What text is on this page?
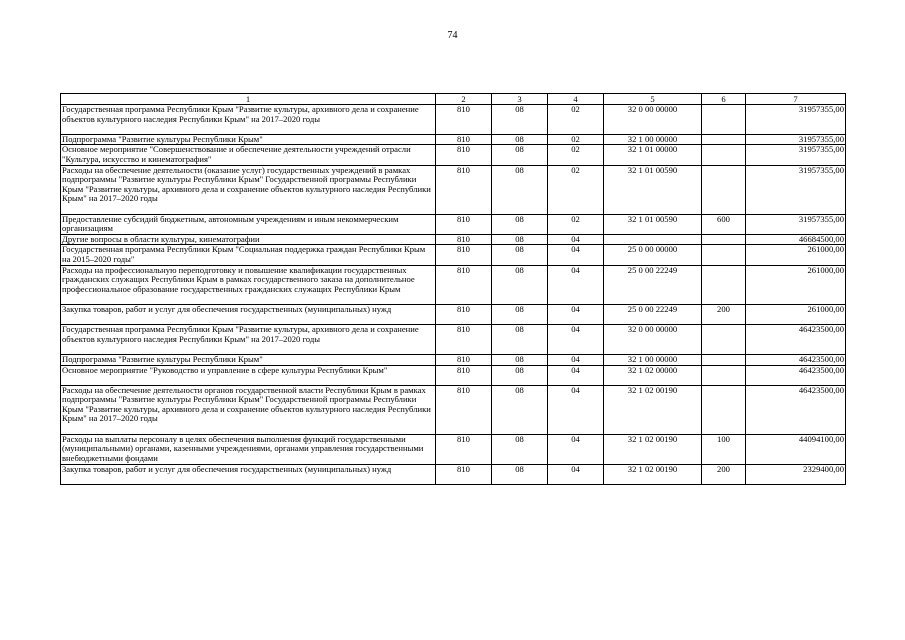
74
1	2	3	4	5	6	7
Государственная программа Республики Крым "Развитие культуры, архивного дела и сохранение объектов культурного наследия Республики Крым" на 2017–2020 годы	810	08	02	32 0 00 00000		31957355,00
Подпрограмма "Развитие культуры Республики Крым"	810	08	02	32 1 00 00000		31957355,00
Основное мероприятие "Совершенствование и обеспечение деятельности учреждений отрасли "Культура, искусство и кинематография"	810	08	02	32 1 01 00000		31957355,00
Расходы на обеспечение деятельности (оказание услуг) государственных учреждений в рамках подпрограммы "Развитие культуры Республики Крым" Государственной программы Республики Крым "Развитие культуры, архивного дела и сохранение объектов культурного наследия Республики Крым" на 2017–2020 годы	810	08	02	32 1 01 00590		31957355,00
Предоставление субсидий бюджетным, автономным учреждениям и иным некоммерческим организациям	810	08	02	32 1 01 00590	600	31957355,00
Другие вопросы в области культуры, кинематографии	810	08	04			46684500,00
Государственная программа Республики Крым "Социальная поддержка граждан Республики Крым на 2015–2020 годы"	810	08	04	25 0 00 00000		261000,00
Расходы на профессиональную переподготовку и повышение квалификации государственных гражданских служащих Республики Крым в рамках государственного заказа на дополнительное профессиональное образование государственных гражданских служащих Республики Крым	810	08	04	25 0 00 22249		261000,00
Закупка товаров, работ и услуг для обеспечения государственных (муниципальных) нужд	810	08	04	25 0 00 22249	200	261000,00
Государственная программа Республики Крым "Развитие культуры, архивного дела и сохранение объектов культурного наследия Республики Крым" на 2017–2020 годы	810	08	04	32 0 00 00000		46423500,00
Подпрограмма "Развитие культуры Республики Крым"	810	08	04	32 1 00 00000		46423500,00
Основное мероприятие "Руководство и управление в сфере культуры Республики Крым"	810	08	04	32 1 02 00000		46423500,00
Расходы на обеспечение деятельности органов государственной власти Республики Крым в рамках подпрограммы "Развитие культуры Республики Крым" Государственной программы Республики Крым "Развитие культуры, архивного дела и сохранение объектов культурного наследия Республики Крым" на 2017–2020 годы	810	08	04	32 1 02 00190		46423500,00
Расходы на выплаты персоналу в целях обеспечения выполнения функций государственными (муниципальными) органами, казенными учреждениями, органами управления государственными внебюджетными фондами	810	08	04	32 1 02 00190	100	44094100,00
Закупка товаров, работ и услуг для обеспечения государственных (муниципальных) нужд	810	08	04	32 1 02 00190	200	2329400,00
